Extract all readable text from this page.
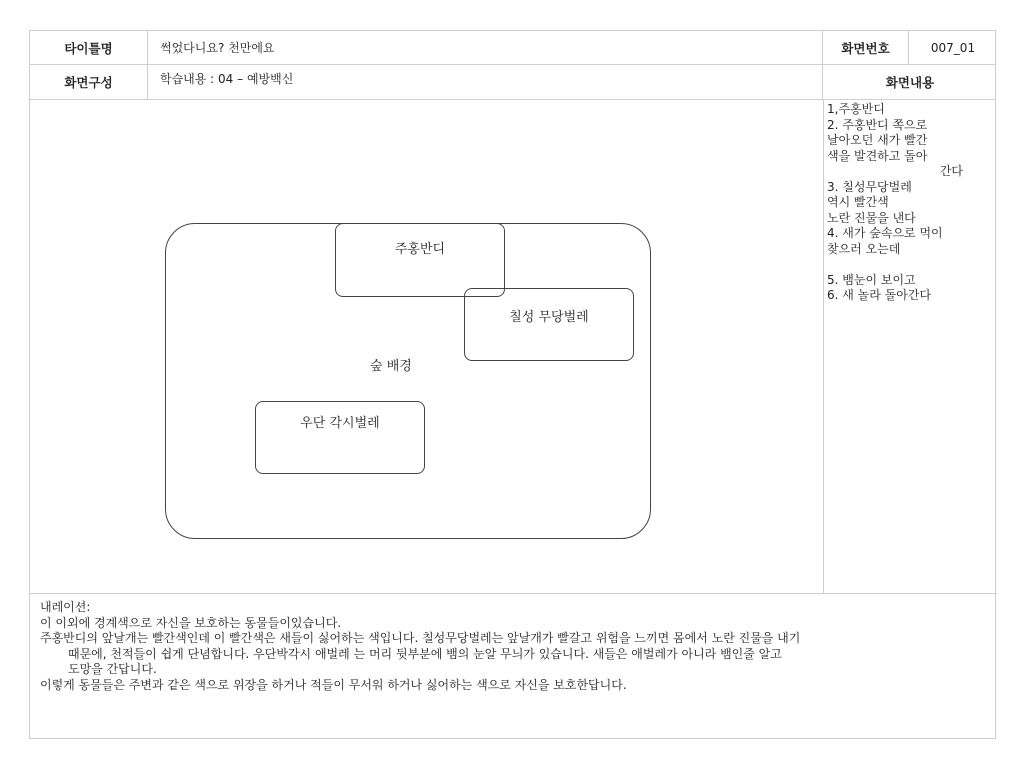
타이틀명	썩었다니요? 천만에요	화면번호	007_01
화면구성	학습내용 : 04 – 예방백신	화면내용
숲 배경
주홍반디
칠성 무당벌레
우단 각시벌레
1,주홍반디
2. 주홍반디 쪽으로
날아오던 새가 빨간
색을 발견하고 돌아
간다
3. 칠성무당벌레
역시 빨간색
노란 진물을 낸다
4. 새가 숲속으로 먹이
찾으러 오는데
5. 뱀눈이 보이고
6. 새 놀라 돌아간다

내레이션:

이 이외에 경계색으로 자신을 보호하는 동물들이있습니다.

주홍반디의 앞날개는 빨간색인데 이 빨간색은 새들이 싫어하는 색입니다. 칠성무당벌레는 앞날개가 빨갈고 위험을 느끼면 몸에서 노란 진물을 내기

때문에, 천적들이 쉽게 단념합니다. 우단박각시 애벌레 는 머리 뒷부분에 뱀의 눈알 무늬가 있습니다. 새들은 애벌레가 아니라 뱀인줄 알고

도망을 간답니다.

이렇게 동물들은 주변과 같은 색으로 위장을 하거나 적들이 무서워 하거나 싫어하는 색으로 자신을 보호한답니다.
